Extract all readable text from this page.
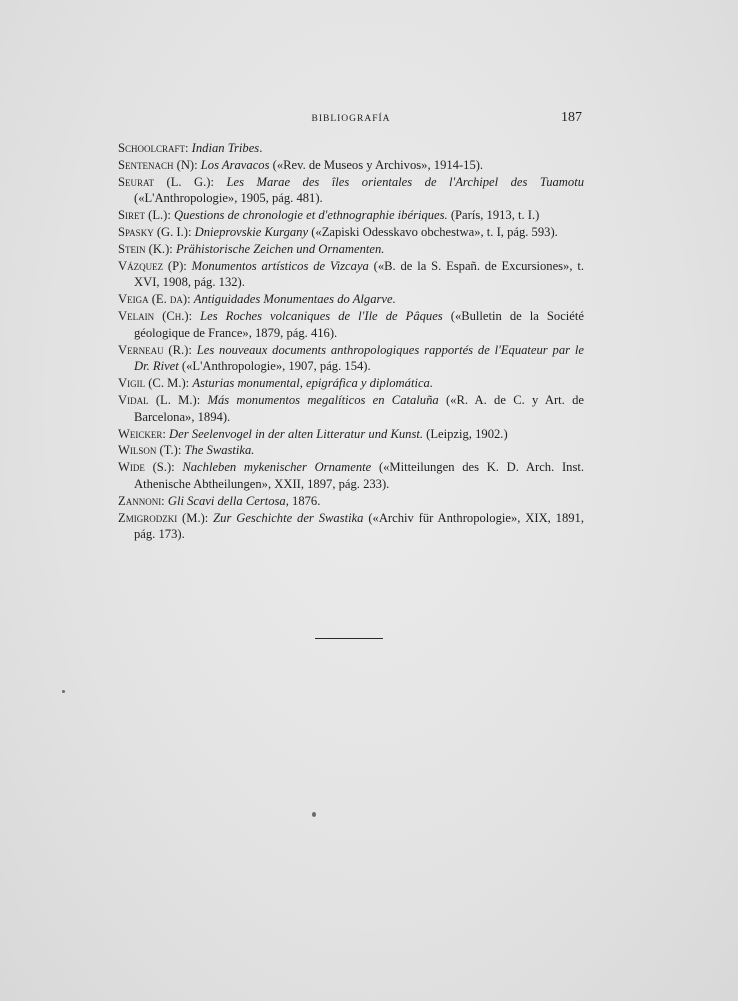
BIBLIOGRAFÍA	187

Schoolcraft: Indian Tribes.

Sentenach (N): Los Aravacos («Rev. de Museos y Archivos», 1914-15).

Seurat (L. G.): Les Marae des îles orientales de l'Archipel des Tuamotu («L'Anthropologie», 1905, pág. 481).

Siret (L.): Questions de chronologie et d'ethnographie ibériques. (París, 1913, t. I.)

Spasky (G. I.): Dnieprovskie Kurgany («Zapiski Odesskavo obchestwa», t. I, pág. 593).

Stein (K.): Prähistorische Zeichen und Ornamenten.

Vázquez (P): Monumentos artísticos de Vizcaya («B. de la S. Españ. de Excursiones», t. XVI, 1908, pág. 132).

Veiga (E. da): Antiguidades Monumentaes do Algarve.

Velain (Ch.): Les Roches volcaniques de l'Ile de Pâques («Bulletin de la Société géologique de France», 1879, pág. 416).

Verneau (R.): Les nouveaux documents anthropologiques rapportés de l'Equateur par le Dr. Rivet («L'Anthropologie», 1907, pág. 154).

Vigil (C. M.): Asturias monumental, epigráfica y diplomática.

Vidal (L. M.): Más monumentos megalíticos en Cataluña («R. A. de C. y Art. de Barcelona», 1894).

Weicker: Der Seelenvogel in der alten Litteratur und Kunst. (Leipzig, 1902.)

Wilson (T.): The Swastika.

Wide (S.): Nachleben mykenischer Ornamente («Mitteilungen des K. D. Arch. Inst. Athenische Abtheilungen», XXII, 1897, pág. 233).

Zannoni: Gli Scavi della Certosa, 1876.

Zmigrodzki (M.): Zur Geschichte der Swastika («Archiv für Anthropologie», XIX, 1891, pág. 173).
